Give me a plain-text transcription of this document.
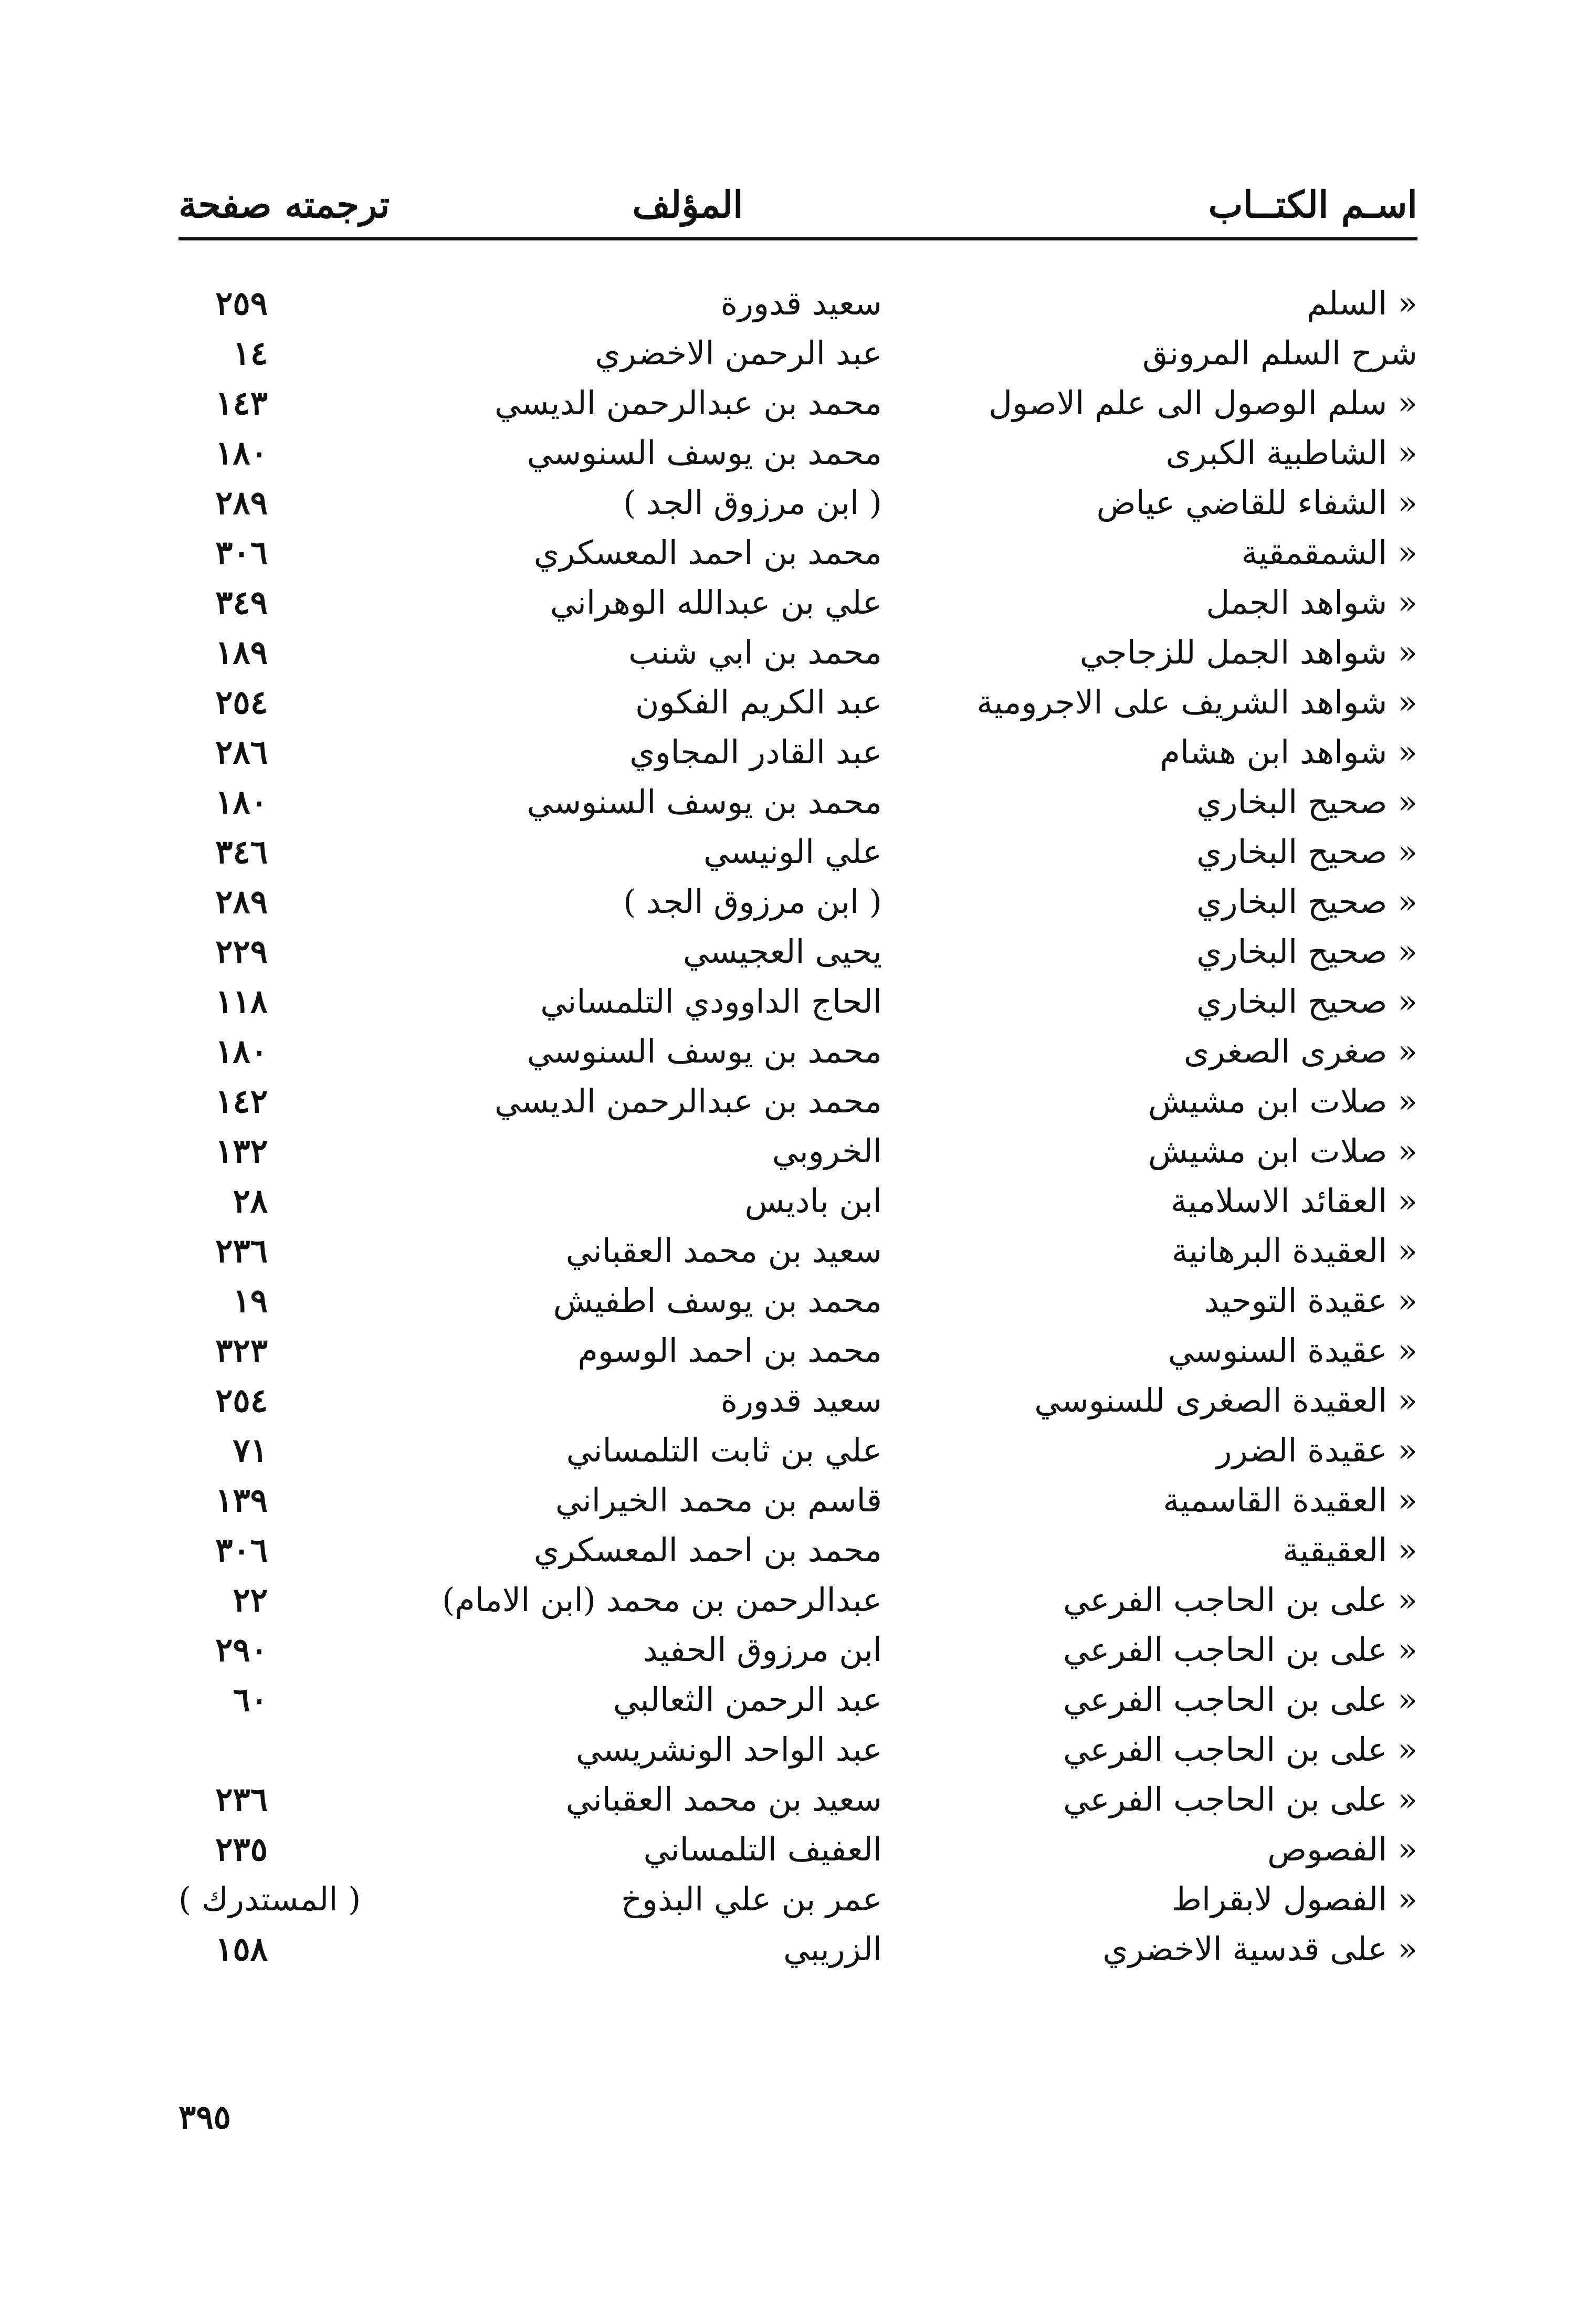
اسـم الكتــاب
المؤلف
ترجمته صفحة
« السلم
سعيد قدورة
٢٥٩
شرح السلم المرونق
عبد الرحمن الاخضري
١٤
« سلم الوصول الى علم الاصول
محمد بن عبدالرحمن الديسي
١٤٣
« الشاطبية الكبرى
محمد بن يوسف السنوسي
١٨٠
« الشفاء للقاضي عياض
( ابن مرزوق الجد )
٢٨٩
« الشمقمقية
محمد بن احمد المعسكري
٣٠٦
« شواهد الجمل
علي بن عبدالله الوهراني
٣٤٩
« شواهد الجمل للزجاجي
محمد بن ابي شنب
١٨٩
« شواهد الشريف على الاجرومية
عبد الكريم الفكون
٢٥٤
« شواهد ابن هشام
عبد القادر المجاوي
٢٨٦
« صحيح البخاري
محمد بن يوسف السنوسي
١٨٠
« صحيح البخاري
علي الونيسي
٣٤٦
« صحيح البخاري
( ابن مرزوق الجد )
٢٨٩
« صحيح البخاري
يحيى العجيسي
٢٢٩
« صحيح البخاري
الحاج الداوودي التلمساني
١١٨
« صغرى الصغرى
محمد بن يوسف السنوسي
١٨٠
« صلات ابن مشيش
محمد بن عبدالرحمن الديسي
١٤٢
« صلات ابن مشيش
الخروبي
١٣٢
« العقائد الاسلامية
ابن باديس
٢٨
« العقيدة البرهانية
سعيد بن محمد العقباني
٢٣٦
« عقيدة التوحيد
محمد بن يوسف اطفيش
١٩
« عقيدة السنوسي
محمد بن احمد الوسوم
٣٢٣
« العقيدة الصغرى للسنوسي
سعيد قدورة
٢٥٤
« عقيدة الضرر
علي بن ثابت التلمساني
٧١
« العقيدة القاسمية
قاسم بن محمد الخيراني
١٣٩
« العقيقية
محمد بن احمد المعسكري
٣٠٦
« على بن الحاجب الفرعي
عبدالرحمن بن محمد (ابن الامام)
٢٢
« على بن الحاجب الفرعي
ابن مرزوق الحفيد
٢٩٠
« على بن الحاجب الفرعي
عبد الرحمن الثعالبي
٦٠
« على بن الحاجب الفرعي
عبد الواحد الونشريسي
« على بن الحاجب الفرعي
سعيد بن محمد العقباني
٢٣٦
« الفصوص
العفيف التلمساني
٢٣٥
« الفصول لابقراط
عمر بن علي البذوخ
( المستدرك )
« على قدسية الاخضري
الزريبي
١٥٨
٣٩٥
